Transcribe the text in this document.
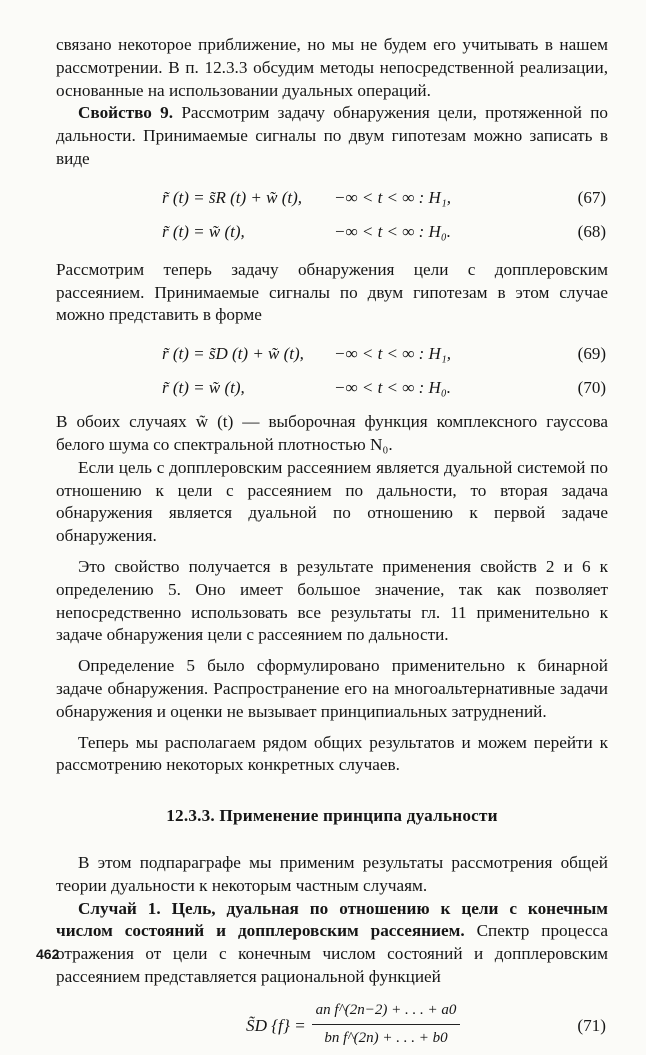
связано некоторое приближение, но мы не будем его учитывать в нашем рассмотрении. В п. 12.3.3 обсудим методы непосредственной реализации, основанные на использовании дуальных операций.

Свойство 9. Рассмотрим задачу обнаружения цели, протяженной по дальности. Принимаемые сигналы по двум гипотезам можно записать в виде

r̃ (t) = s̃R (t) + w̃ (t), −∞ < t < ∞ : H₁,	(67)
r̃ (t) = w̃ (t),	−∞ < t < ∞ : H₀.	(68)

Рассмотрим теперь задачу обнаружения цели с допплеровским рассеянием. Принимаемые сигналы по двум гипотезам в этом случае можно представить в форме

r̃ (t) = s̃D (t) + w̃ (t), −∞ < t < ∞ : H₁,	(69)
r̃ (t) = w̃ (t),	−∞ < t < ∞ : H₀.	(70)

В обоих случаях w̃ (t) — выборочная функция комплексного гауссова белого шума со спектральной плотностью N₀.

Если цель с допплеровским рассеянием является дуальной системой по отношению к цели с рассеянием по дальности, то вторая задача обнаружения является дуальной по отношению к первой задаче обнаружения.

Это свойство получается в результате применения свойств 2 и 6 к определению 5. Оно имеет большое значение, так как позволяет непосредственно использовать все результаты гл. 11 применительно к задаче обнаружения цели с рассеянием по дальности.

Определение 5 было сформулировано применительно к бинарной задаче обнаружения. Распространение его на многоальтернативные задачи обнаружения и оценки не вызывает принципиальных затруднений.

Теперь мы располагаем рядом общих результатов и можем перейти к рассмотрению некоторых конкретных случаев.

12.3.3. Применение принципа дуальности

В этом подпараграфе мы применим результаты рассмотрения общей теории дуальности к некоторым частным случаям.

Случай 1. Цель, дуальная по отношению к цели с конечным числом состояний и допплеровским рассеянием. Спектр процесса отражения от цели с конечным числом состояний и допплеровским рассеянием представляется рациональной функцией

S̃D {f} =
an f^(2n−2) + . . . + a0
bn f^(2n) + . . . + b0
(71)
462
